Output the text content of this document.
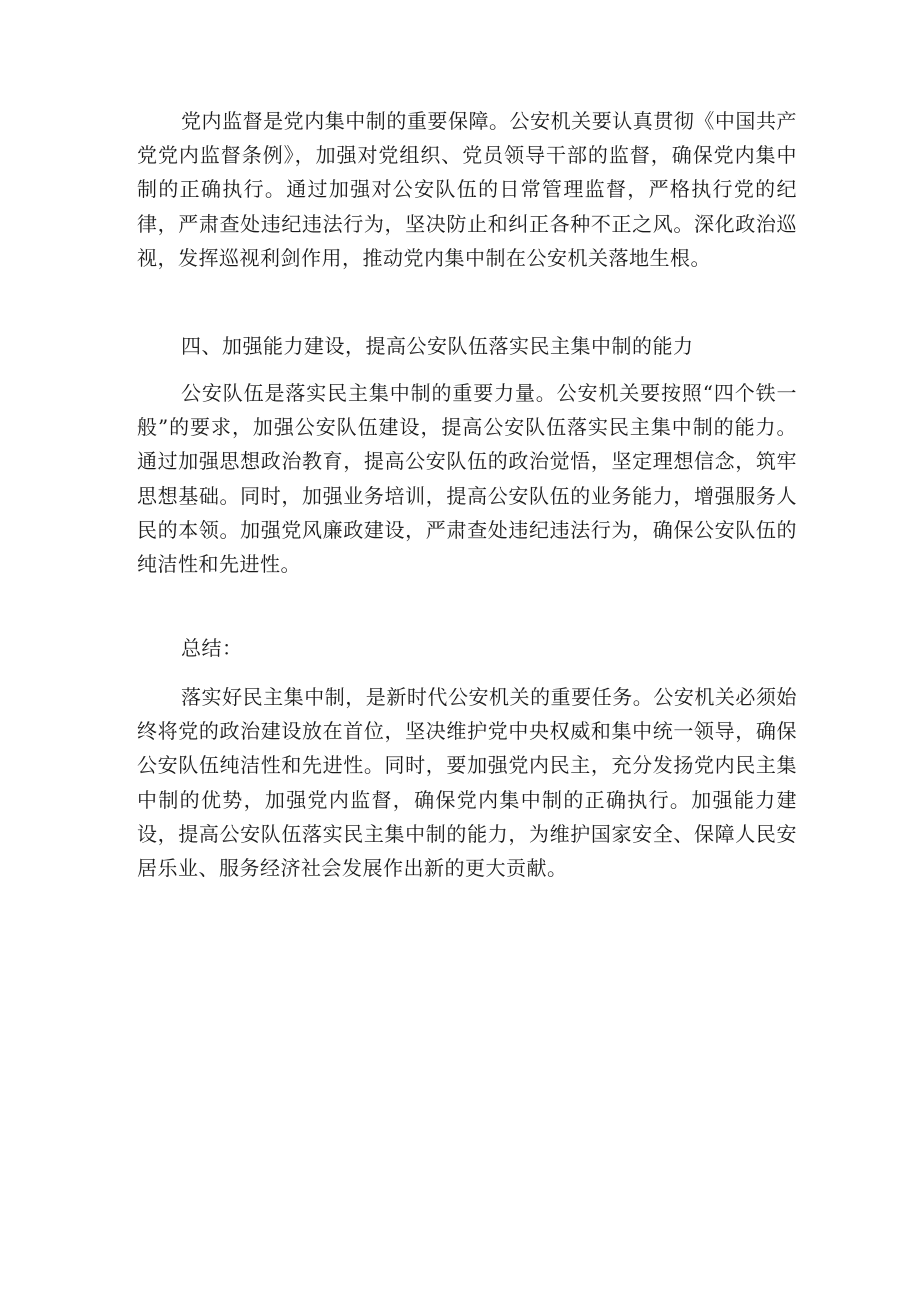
党内监督是党内集中制的重要保障。公安机关要认真贯彻《中国共产党党内监督条例》，加强对党组织、党员领导干部的监督，确保党内集中制的正确执行。通过加强对公安队伍的日常管理监督，严格执行党的纪律，严肃查处违纪违法行为，坚决防止和纠正各种不正之风。深化政治巡视，发挥巡视利剑作用，推动党内集中制在公安机关落地生根。

四、加强能力建设，提高公安队伍落实民主集中制的能力

公安队伍是落实民主集中制的重要力量。公安机关要按照“四个铁一般”的要求，加强公安队伍建设，提高公安队伍落实民主集中制的能力。通过加强思想政治教育，提高公安队伍的政治觉悟，坚定理想信念，筑牢思想基础。同时，加强业务培训，提高公安队伍的业务能力，增强服务人民的本领。加强党风廉政建设，严肃查处违纪违法行为，确保公安队伍的纯洁性和先进性。

总结：

落实好民主集中制，是新时代公安机关的重要任务。公安机关必须始终将党的政治建设放在首位，坚决维护党中央权威和集中统一领导，确保公安队伍纯洁性和先进性。同时，要加强党内民主，充分发扬党内民主集中制的优势，加强党内监督，确保党内集中制的正确执行。加强能力建设，提高公安队伍落实民主集中制的能力，为维护国家安全、保障人民安居乐业、服务经济社会发展作出新的更大贡献。
